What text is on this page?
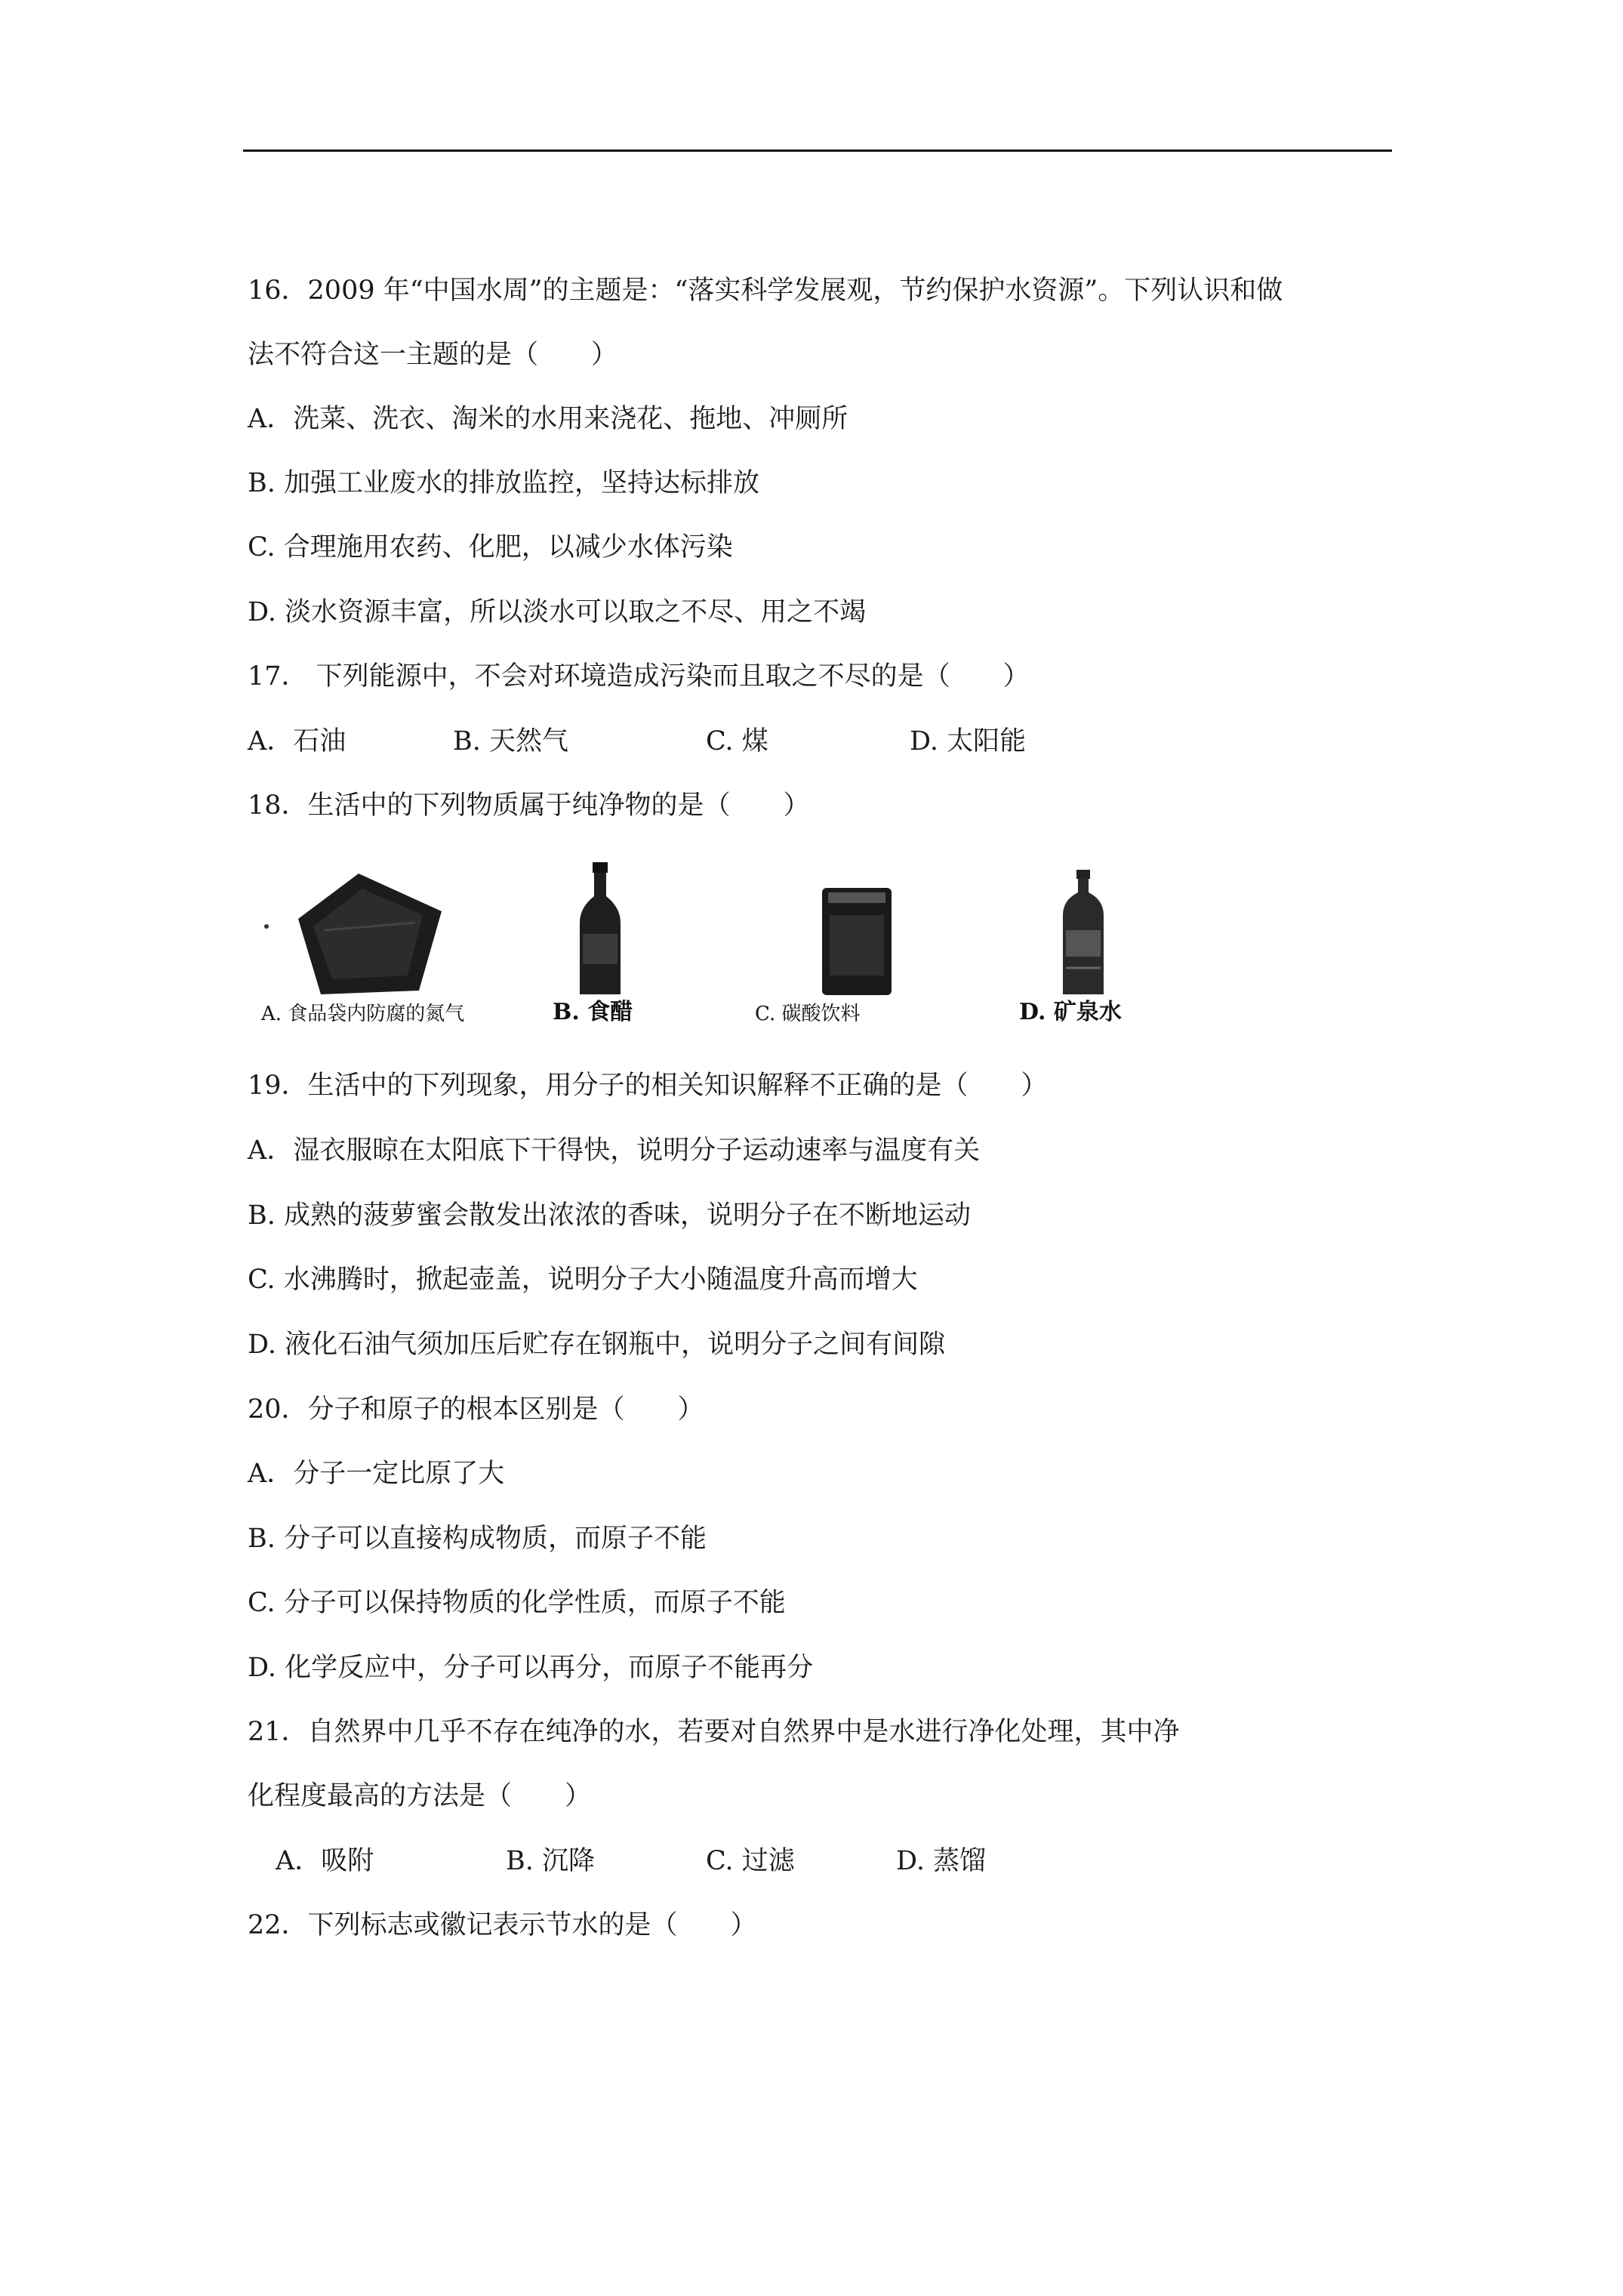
16．2009 年“中国水周”的主题是：“落实科学发展观，节约保护水资源”。下列认识和做
法不符合这一主题的是（　　）
A．洗菜、洗衣、淘米的水用来浇花、拖地、冲厕所
B. 加强工业废水的排放监控，坚持达标排放
C. 合理施用农药、化肥，以减少水体污染
D. 淡水资源丰富，所以淡水可以取之不尽、用之不竭
17． 下列能源中，不会对环境造成污染而且取之不尽的是（　　）
A．石油	B. 天然气	C. 煤	D. 太阳能
18．生活中的下列物质属于纯净物的是（　　）
A. 食品袋内防腐的氮气	B. 食醋	C. 碳酸饮料	D. 矿泉水
19．生活中的下列现象，用分子的相关知识解释不正确的是（　　）
A．湿衣服晾在太阳底下干得快，说明分子运动速率与温度有关
B. 成熟的菠萝蜜会散发出浓浓的香味，说明分子在不断地运动
C. 水沸腾时，掀起壶盖，说明分子大小随温度升高而增大
D. 液化石油气须加压后贮存在钢瓶中，说明分子之间有间隙
20．分子和原子的根本区别是（　　）
A．分子一定比原了大
B. 分子可以直接构成物质，而原子不能
C. 分子可以保持物质的化学性质，而原子不能
D. 化学反应中，分子可以再分，而原子不能再分
21．自然界中几乎不存在纯净的水，若要对自然界中是水进行净化处理，其中净
化程度最高的方法是（　　）
A．吸附	B. 沉降	C. 过滤	D. 蒸馏
22．下列标志或徽记表示节水的是（　　）
